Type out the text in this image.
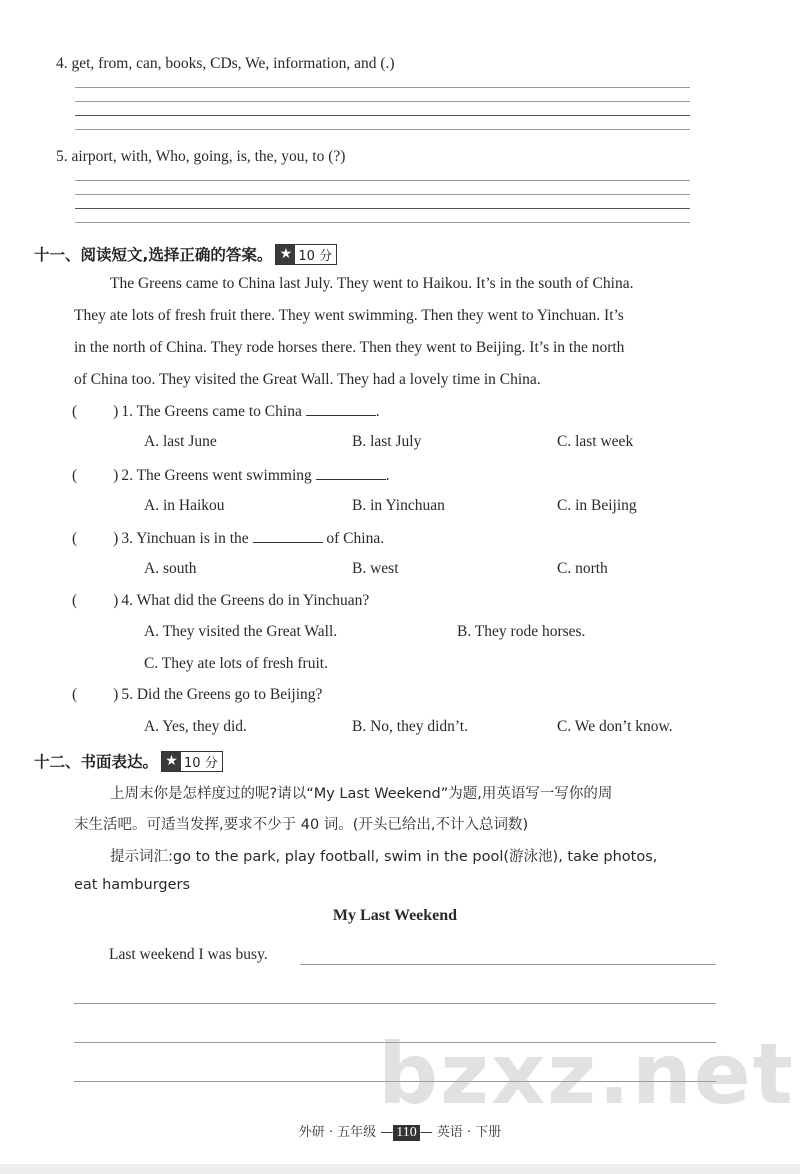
4. get, from, can, books, CDs, We, information, and (.)
5. airport, with, Who, going, is, the, you, to (?)
十一、阅读短文,选择正确的答案。 ★ 10 分
The Greens came to China last July. They went to Haikou. It’s in the south of China.
They ate lots of fresh fruit there. They went swimming. Then they went to Yinchuan. It’s
in the north of China. They rode horses there. Then they went to Beijing. It’s in the north
of China too. They visited the Great Wall. They had a lovely time in China.
( ) 1. The Greens came to China	.
A. last June	B. last July	C. last week
( ) 2. The Greens went swimming	.
A. in Haikou	B. in Yinchuan	C. in Beijing
( ) 3. Yinchuan is in the	of China.
A. south	B. west	C. north
( ) 4. What did the Greens do in Yinchuan?
A. They visited the Great Wall.	B. They rode horses.
C. They ate lots of fresh fruit.
( ) 5. Did the Greens go to Beijing?
A. Yes, they did.	B. No, they didn’t.	C. We don’t know.
十二、书面表达。 ★ 10 分
上周末你是怎样度过的呢?请以“My Last Weekend”为题,用英语写一写你的周
末生活吧。可适当发挥,要求不少于 40 词。(开头已给出,不计入总词数)
提示词汇:go to the park, play football, swim in the pool(游泳池), take photos,
eat hamburgers
My Last Weekend
Last weekend I was busy.
bzxz.net
外研 · 五年级 — 110 — 英语 · 下册
